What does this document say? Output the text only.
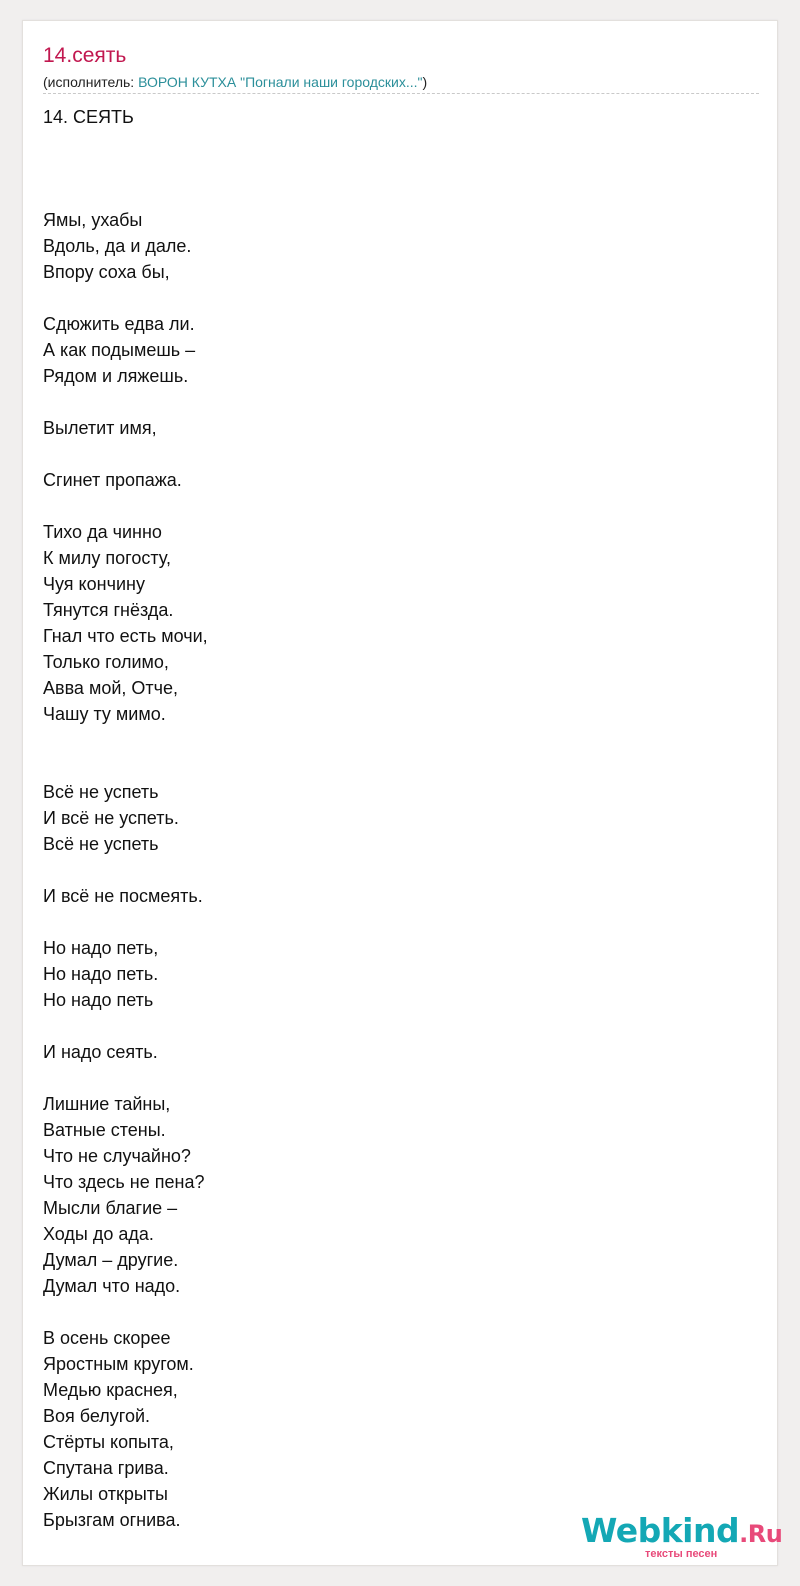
14.сеять
(исполнитель: ВОРОН КУТХА "Погнали наши городских...")
14. СЕЯТЬ
Ямы, ухабы
Вдоль, да и дале.
Впору соха бы,
Сдюжить едва ли.
А как подымешь –
Рядом и ляжешь.
Вылетит имя,
Сгинет пропажа.
Тихо да чинно
К милу погосту,
Чуя кончину
Тянутся гнёзда.
Гнал что есть мочи,
Только голимо,
Авва мой, Отче,
Чашу ту мимо.
Всё не успеть
И всё не успеть.
Всё не успеть
И всё не посмеять.
Но надо петь,
Но надо петь.
Но надо петь
И надо сеять.
Лишние тайны,
Ватные стены.
Что не случайно?
Что здесь не пена?
Мысли благие –
Ходы до ада.
Думал – другие.
Думал что надо.
В осень скорее
Яростным кругом.
Медью краснея,
Воя белугой.
Стёрты копыта,
Спутана грива.
Жилы открыты
Брызгам огнива.	Webkind.Ru
тексты песен
